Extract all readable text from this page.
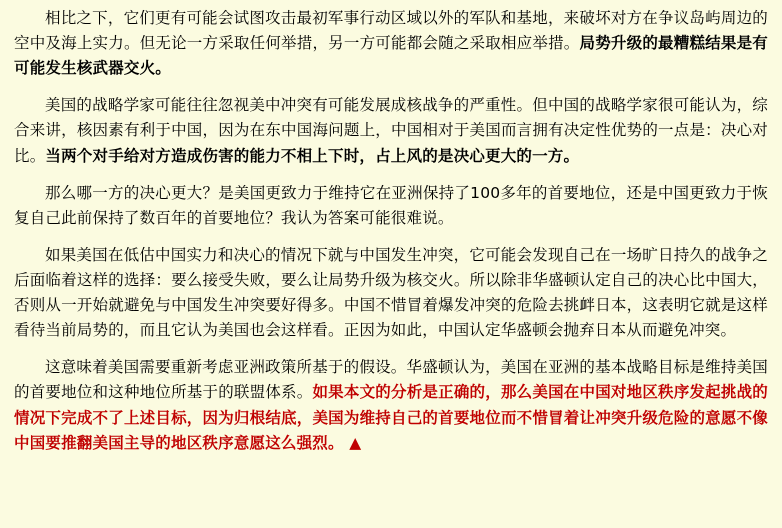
相比之下，它们更有可能会试图攻击最初军事行动区域以外的军队和基地，来破坏对方在争议岛屿周边的空中及海上实力。但无论一方采取任何举措，另一方可能都会随之采取相应举措。局势升级的最糟糕结果是有可能发生核武器交火。

美国的战略学家可能往往忽视美中冲突有可能发展成核战争的严重性。但中国的战略学家很可能认为，综合来讲，核因素有利于中国，因为在东中国海问题上，中国相对于美国而言拥有决定性优势的一点是：决心对比。当两个对手给对方造成伤害的能力不相上下时，占上风的是决心更大的一方。

那么哪一方的决心更大？是美国更致力于维持它在亚洲保持了100多年的首要地位，还是中国更致力于恢复自己此前保持了数百年的首要地位？我认为答案可能很难说。

如果美国在低估中国实力和决心的情况下就与中国发生冲突，它可能会发现自己在一场旷日持久的战争之后面临着这样的选择：要么接受失败，要么让局势升级为核交火。所以除非华盛顿认定自己的决心比中国大，否则从一开始就避免与中国发生冲突要好得多。中国不惜冒着爆发冲突的危险去挑衅日本，这表明它就是这样看待当前局势的，而且它认为美国也会这样看。正因为如此，中国认定华盛顿会抛弃日本从而避免冲突。

这意味着美国需要重新考虑亚洲政策所基于的假设。华盛顿认为，美国在亚洲的基本战略目标是维持美国的首要地位和这种地位所基于的联盟体系。如果本文的分析是正确的，那么美国在中国对地区秩序发起挑战的情况下完成不了上述目标，因为归根结底，美国为维持自己的首要地位而不惜冒着让冲突升级危险的意愿不像中国要推翻美国主导的地区秩序意愿这么强烈。 ▲
